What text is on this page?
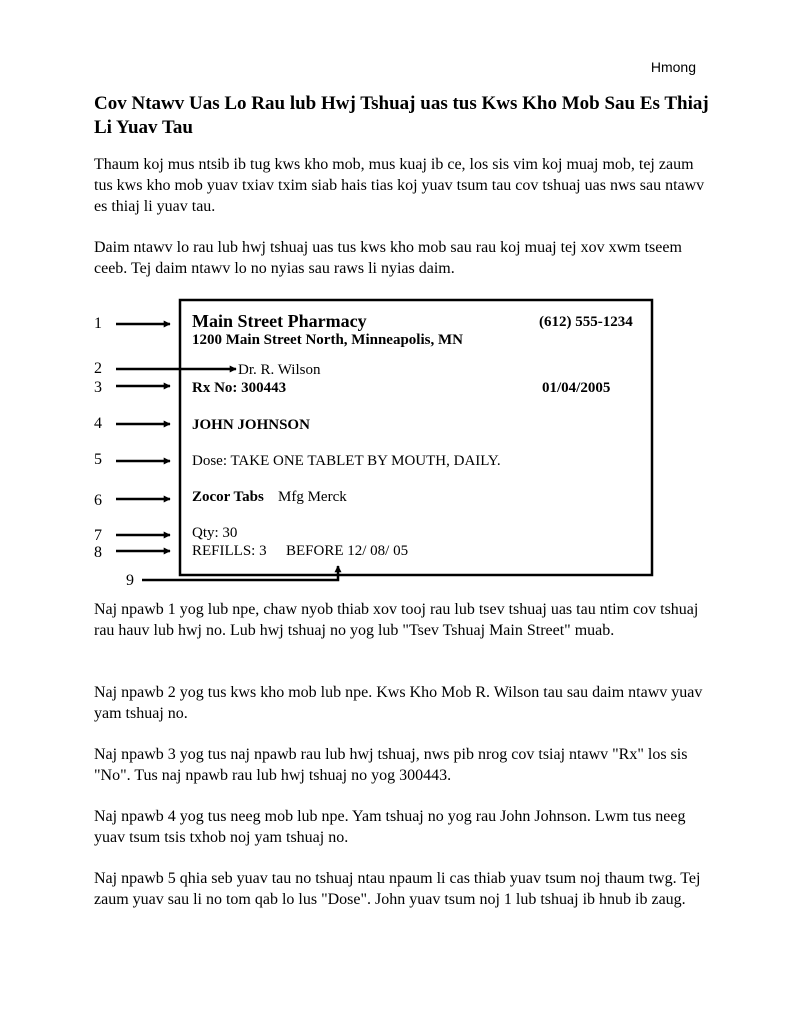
Hmong
Cov Ntawv Uas Lo Rau lub Hwj Tshuaj uas tus Kws Kho Mob Sau Es Thiaj Li Yuav Tau

Thaum koj mus ntsib ib tug kws kho mob, mus kuaj ib ce, los sis vim koj muaj mob, tej zaum tus kws kho mob yuav txiav txim siab hais tias koj yuav tsum tau cov tshuaj uas nws sau ntawv es thiaj li yuav tau.

Daim ntawv lo rau lub hwj tshuaj uas tus kws kho mob sau rau koj muaj tej xov xwm tseem ceeb. Tej daim ntawv lo no nyias sau raws li nyias daim.

1
2
3
4
5
6
7
8
9
Main Street Pharmacy	(612) 555-1234
1200 Main Street North, Minneapolis, MN
Dr. R. Wilson
Rx No: 300443	01/04/2005
JOHN JOHNSON
Dose: TAKE ONE TABLET BY MOUTH, DAILY.
Zocor Tabs Mfg Merck
Qty: 30
REFILLS: 3 BEFORE 12/ 08/ 05

Naj npawb 1 yog lub npe, chaw nyob thiab xov tooj rau lub tsev tshuaj uas tau ntim cov tshuaj rau hauv lub hwj no. Lub hwj tshuaj no yog lub "Tsev Tshuaj Main Street" muab.

Naj npawb 2 yog tus kws kho mob lub npe. Kws Kho Mob R. Wilson tau sau daim ntawv yuav yam tshuaj no.

Naj npawb 3 yog tus naj npawb rau lub hwj tshuaj, nws pib nrog cov tsiaj ntawv "Rx" los sis "No". Tus naj npawb rau lub hwj tshuaj no yog 300443.

Naj npawb 4 yog tus neeg mob lub npe. Yam tshuaj no yog rau John Johnson. Lwm tus neeg yuav tsum tsis txhob noj yam tshuaj no.

Naj npawb 5 qhia seb yuav tau no tshuaj ntau npaum li cas thiab yuav tsum noj thaum twg. Tej zaum yuav sau li no tom qab lo lus "Dose". John yuav tsum noj 1 lub tshuaj ib hnub ib zaug.
